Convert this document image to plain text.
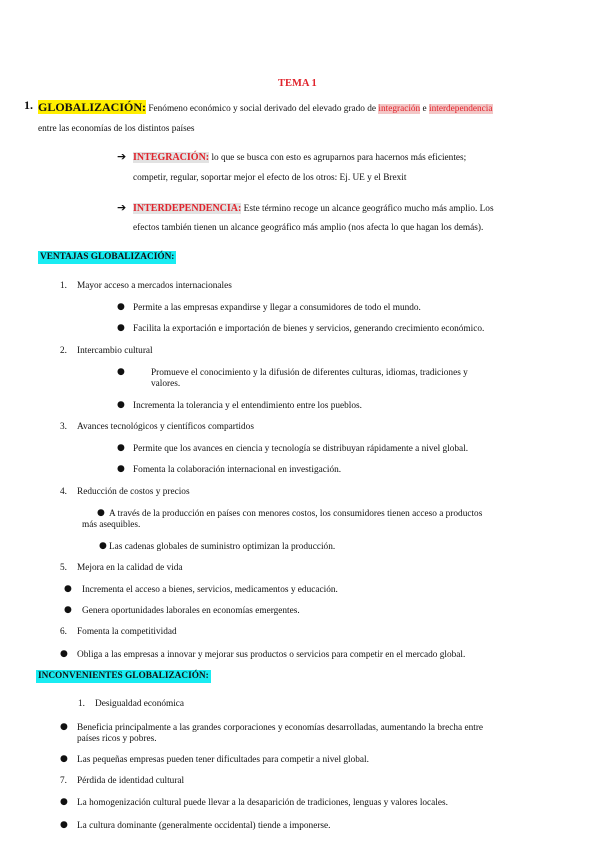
TEMA 1
1. GLOBALIZACIÓN: Fenómeno económico y social derivado del elevado grado de integración e interdependencia
entre las economías de los distintos países
➔ INTEGRACIÓN: lo que se busca con esto es agruparnos para hacernos más eficientes;
competir, regular, soportar mejor el efecto de los otros: Ej. UE y el Brexit
➔ INTERDEPENDENCIA: Este término recoge un alcance geográfico mucho más amplio. Los
efectos también tienen un alcance geográfico más amplio (nos afecta lo que hagan los demás).
VENTAJAS GLOBALIZACIÓN:
1. Mayor acceso a mercados internacionales
● Permite a las empresas expandirse y llegar a consumidores de todo el mundo.
● Facilita la exportación e importación de bienes y servicios, generando crecimiento económico.
2. Intercambio cultural
●	Promueve el conocimiento y la difusión de diferentes culturas, idiomas, tradiciones y
valores.
● Incrementa la tolerancia y el entendimiento entre los pueblos.
3. Avances tecnológicos y científicos compartidos
● Permite que los avances en ciencia y tecnología se distribuyan rápidamente a nivel global.
● Fomenta la colaboración internacional en investigación.
4. Reducción de costos y precios
● A través de la producción en países con menores costos, los consumidores tienen acceso a productos
más asequibles.
● Las cadenas globales de suministro optimizan la producción.
5. Mejora en la calidad de vida
● Incrementa el acceso a bienes, servicios, medicamentos y educación.
● Genera oportunidades laborales en economías emergentes.
6. Fomenta la competitividad
● Obliga a las empresas a innovar y mejorar sus productos o servicios para competir en el mercado global.
INCONVENIENTES GLOBALIZACIÓN:
1. Desigualdad económica
● Beneficia principalmente a las grandes corporaciones y economías desarrolladas, aumentando la brecha entre
países ricos y pobres.
● Las pequeñas empresas pueden tener dificultades para competir a nivel global.
7. Pérdida de identidad cultural
● La homogenización cultural puede llevar a la desaparición de tradiciones, lenguas y valores locales.
● La cultura dominante (generalmente occidental) tiende a imponerse.
